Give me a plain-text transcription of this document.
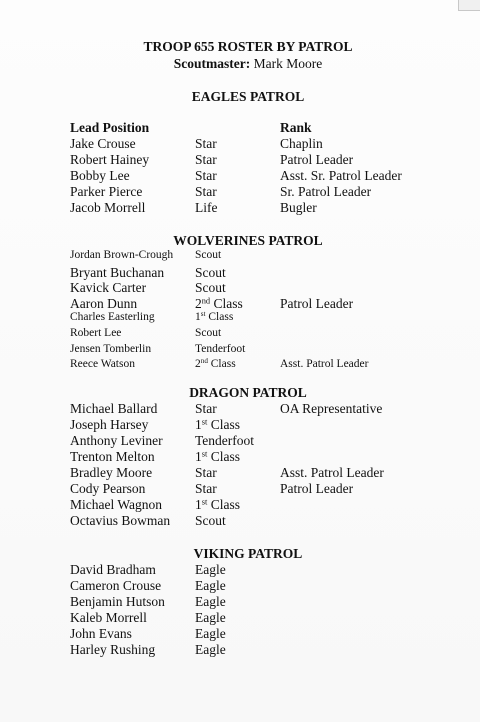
TROOP 655 ROSTER BY PATROL
Scoutmaster: Mark Moore
EAGLES PATROL
Lead Position	Rank
Jake Crouse	Star	Chaplin
Robert Hainey	Star	Patrol Leader
Bobby Lee	Star	Asst. Sr. Patrol Leader
Parker Pierce	Star	Sr. Patrol Leader
Jacob Morrell	Life	Bugler
WOLVERINES PATROL
Jordan Brown-Crough Scout
Bryant Buchanan Scout
Kavick Carter	Scout
Aaron Dunn	2nd Class	Patrol Leader
Charles Easterling	1st Class
Robert Lee	Scout
Jensen Tomberlin	Tenderfoot
Reece Watson	2nd Class	Asst. Patrol Leader
DRAGON PATROL
Michael Ballard	Star	OA Representative
Joseph Harsey	1st Class
Anthony Leviner Tenderfoot
Trenton Melton	1st Class
Bradley Moore	Star	Asst. Patrol Leader
Cody Pearson	Star	Patrol Leader
Michael Wagnon 1st Class
Octavius Bowman Scout
VIKING PATROL
David Bradham	Eagle
Cameron Crouse	Eagle
Benjamin Hutson Eagle
Kaleb Morrell	Eagle
John Evans	Eagle
Harley Rushing	Eagle
